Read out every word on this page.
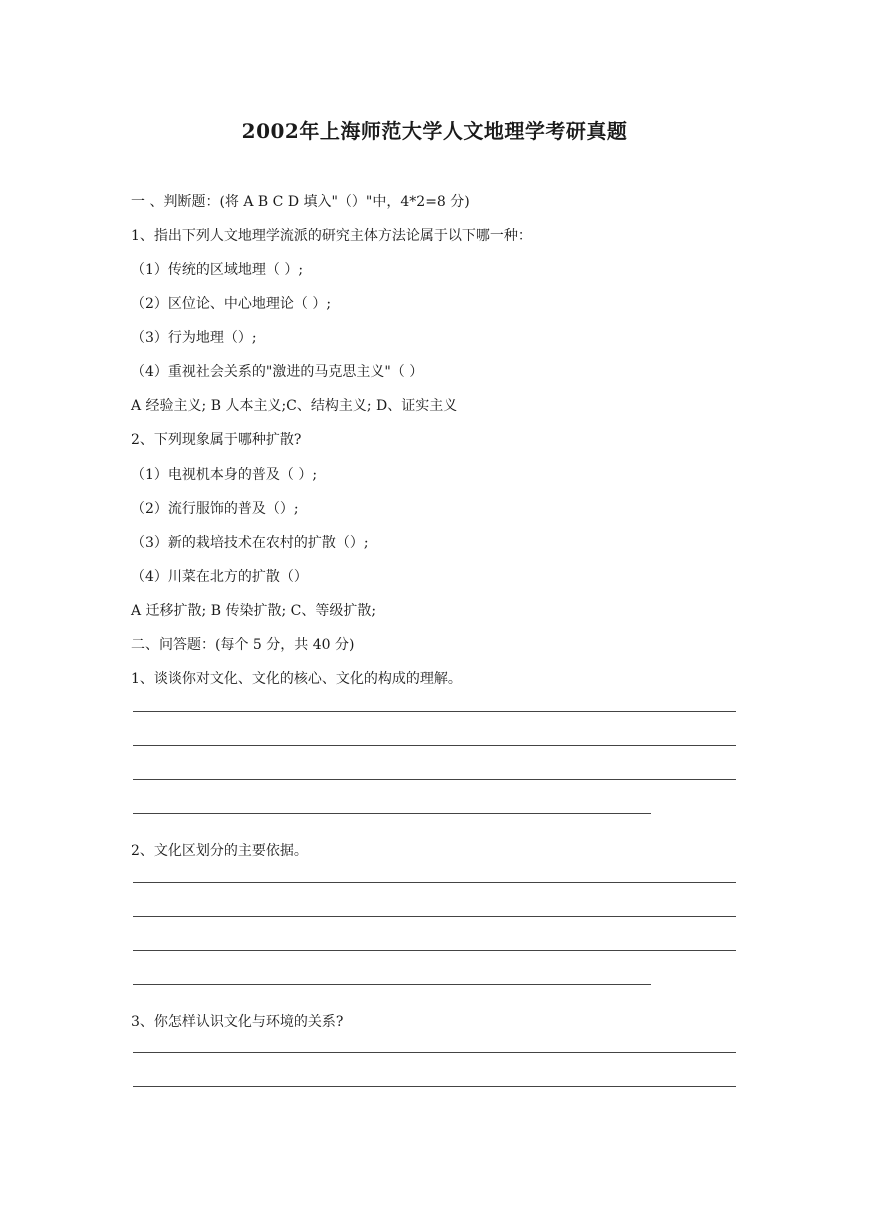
2002年上海师范大学人文地理学考研真题
一 、判断题：(将 A B C D 填入"（）"中，4*2=8 分)
1、指出下列人文地理学流派的研究主体方法论属于以下哪一种：
（1）传统的区域地理（ ）;
（2）区位论、中心地理论（ ）;
（3）行为地理（）;
（4）重视社会关系的"激进的马克思主义"（ ）
A 经验主义; B 人本主义;C、结构主义; D、证实主义
2、下列现象属于哪种扩散?
（1）电视机本身的普及（ ）;
（2）流行服饰的普及（）;
（3）新的栽培技术在农村的扩散（）;
（4）川菜在北方的扩散（）
A 迁移扩散; B 传染扩散; C、等级扩散;
二、问答题：(每个 5 分，共 40 分)
1、谈谈你对文化、文化的核心、文化的构成的理解。
2、文化区划分的主要依据。
3、你怎样认识文化与环境的关系?
